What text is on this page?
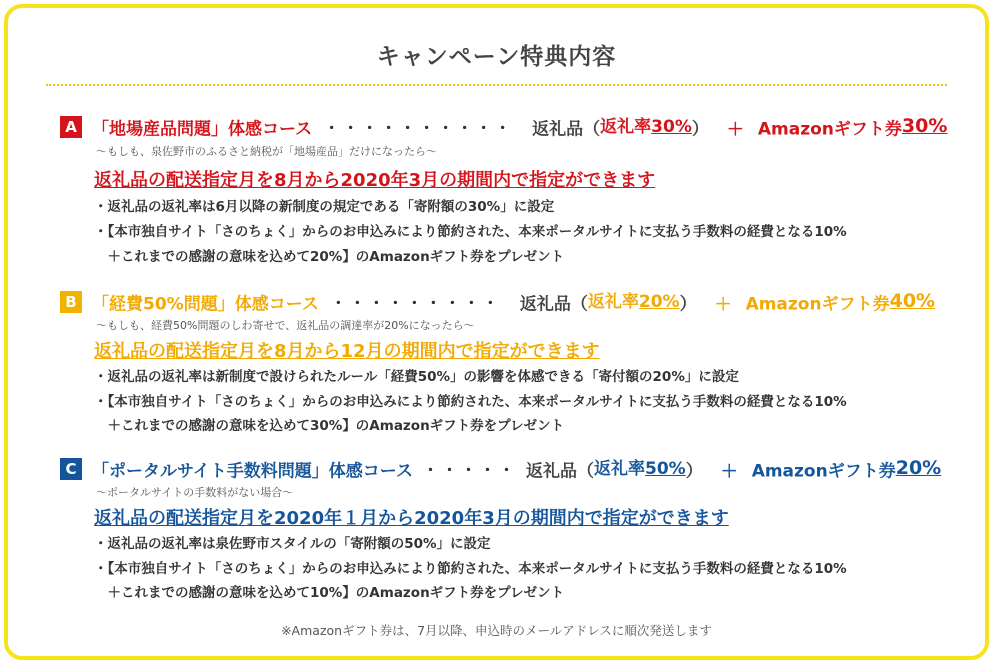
キャンペーン特典内容
A 「地場産品問題」体感コース ・・・・・・・・・・ 返礼品（返礼率30%） ＋ Amazonギフト券30%
～もしも、泉佐野市のふるさと納税が「地場産品」だけになったら～
返礼品の配送指定月を8月から2020年3月の期間内で指定ができます
・返礼品の返礼率は6月以降の新制度の規定である「寄附額の30%」に設定
・【本市独自サイト「さのちょく」からのお申込みにより節約された、本来ポータルサイトに支払う手数料の経費となる10%
　＋これまでの感謝の意味を込めて20%】のAmazonギフト券をプレゼント
B 「経費50%問題」体感コース ・・・・・・・・・ 返礼品（返礼率20%） ＋ Amazonギフト券40%
～もしも、経費50%問題のしわ寄せで、返礼品の調達率が20%になったら～
返礼品の配送指定月を8月から12月の期間内で指定ができます
・返礼品の返礼率は新制度で設けられたルール「経費50%」の影響を体感できる「寄付額の20%」に設定
・【本市独自サイト「さのちょく」からのお申込みにより節約された、本来ポータルサイトに支払う手数料の経費となる10%
　＋これまでの感謝の意味を込めて30%】のAmazonギフト券をプレゼント
C 「ポータルサイト手数料問題」体感コース ・・・・・ 返礼品（返礼率50%） ＋ Amazonギフト券20%
～ポータルサイトの手数料がない場合～
返礼品の配送指定月を2020年１月から2020年3月の期間内で指定ができます
・返礼品の返礼率は泉佐野市スタイルの「寄附額の50%」に設定
・【本市独自サイト「さのちょく」からのお申込みにより節約された、本来ポータルサイトに支払う手数料の経費となる10%
　＋これまでの感謝の意味を込めて10%】のAmazonギフト券をプレゼント
※Amazonギフト券は、7月以降、申込時のメールアドレスに順次発送します
